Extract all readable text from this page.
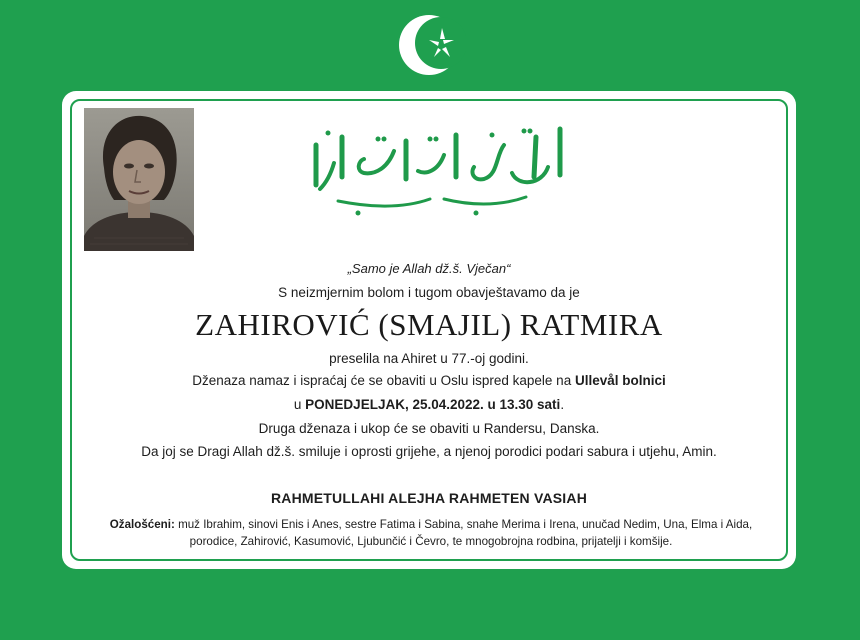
„Samo je Allah dž.š. Vječan“
S neizmjernim bolom i tugom obavještavamo da je
ZAHIROVIĆ (SMAJIL) RATMIRA
preselila na Ahiret u 77.-oj godini.
Dženaza namaz i ispraćaj će se obaviti u Oslu ispred kapele na Ullevål bolnici
u PONEDJELJAK, 25.04.2022. u 13.30 sati.
Druga dženaza i ukop će se obaviti u Randersu, Danska.
Da joj se Dragi Allah dž.š. smiluje i oprosti grijehe, a njenoj porodici podari sabura i utjehu, Amin.
RAHMETULLAHI ALEJHA RAHMETEN VASIAH
Ožalošćeni: muž Ibrahim, sinovi Enis i Anes, sestre Fatima i Sabina, snahe Merima i Irena, unučad Nedim, Una, Elma i Aida,
porodice, Zahirović, Kasumović, Ljubunčić i Čevro, te mnogobrojna rodbina, prijatelji i komšije.
